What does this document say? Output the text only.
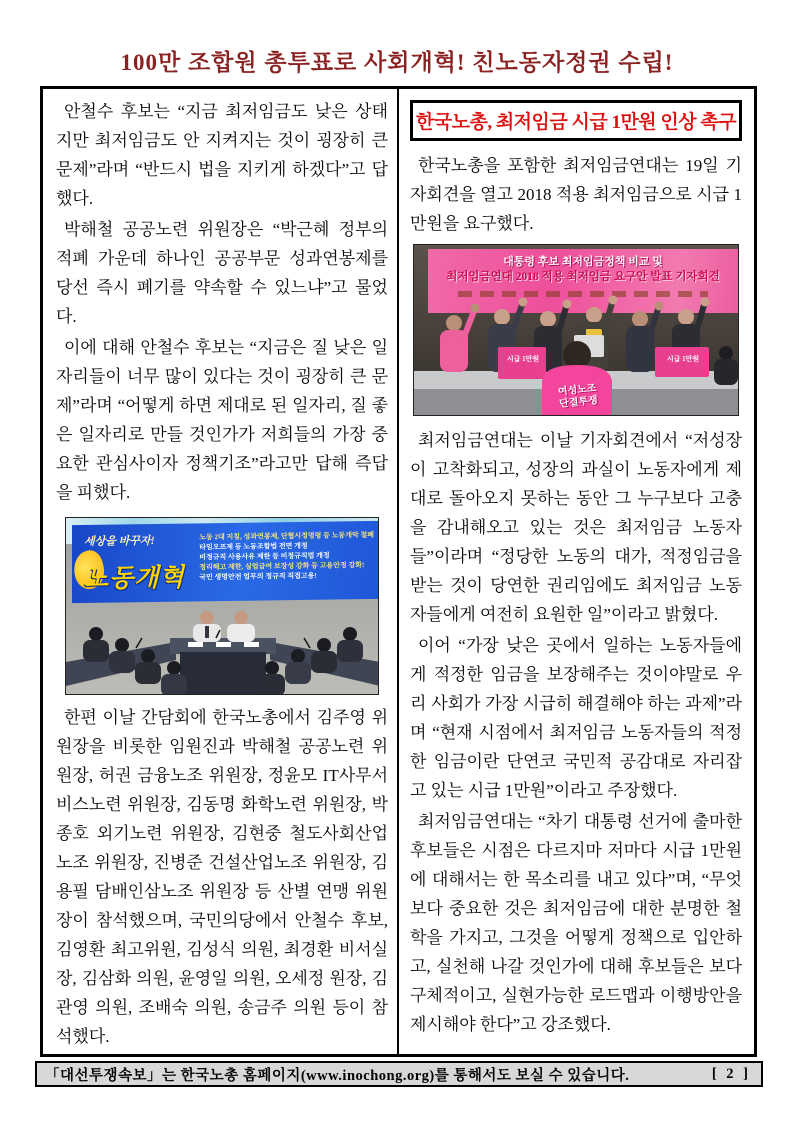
100만 조합원 총투표로 사회개혁! 친노동자정권 수립!

안철수 후보는 “지금 최저임금도 낮은 상태지만 최저임금도 안 지켜지는 것이 굉장히 큰 문제”라며 “반드시 법을 지키게 하겠다”고 답했다.

박해철 공공노련 위원장은 “박근혜 정부의 적폐 가운데 하나인 공공부문 성과연봉제를 당선 즉시 폐기를 약속할 수 있느냐”고 물었다.

이에 대해 안철수 후보는 “지금은 질 낮은 일자리들이 너무 많이 있다는 것이 굉장히 큰 문제”라며 “어떻게 하면 제대로 된 일자리, 질 좋은 일자리로 만들 것인가가 저희들의 가장 중요한 관심사이자 정책기조”라고만 답해 즉답을 피했다.

세상을 바꾸자!
노동개혁
노동 2대 지침, 성과연봉제, 단협시정명령 등 노동개악 철폐
타임오프제 등 노동조합법 전면 개정
비정규직 사용사유 제한 등 비정규직법 개정
정리해고 제한, 실업급여 보장성 강화 등 고용안정 강화!
국민 생명안전 업무의 정규직 직접고용!

한편 이날 간담회에 한국노총에서 김주영 위원장을 비롯한 임원진과 박해철 공공노련 위원장, 허권 금융노조 위원장, 정윤모 IT사무서비스노련 위원장, 김동명 화학노련 위원장, 박종호 외기노련 위원장, 김현중 철도사회산업노조 위원장, 진병준 건설산업노조 위원장, 김용필 담배인삼노조 위원장 등 산별 연맹 위원장이 참석했으며, 국민의당에서 안철수 후보, 김영환 최고위원, 김성식 의원, 최경환 비서실장, 김삼화 의원, 윤영일 의원, 오세정 원장, 김관영 의원, 조배숙 의원, 송금주 의원 등이 참석했다.

한국노총, 최저임금 시급 1만원 인상 촉구

한국노총을 포함한 최저임금연대는 19일 기자회견을 열고 2018 적용 최저임금으로 시급 1만원을 요구했다.

대통령 후보 최저임금정책 비교 및
최저임금연대 2018 적용 최저임금 요구안 발표 기자회견
시급 1만원	시급 1만원
여성노조
단결투쟁

최저임금연대는 이날 기자회견에서 “저성장이 고착화되고, 성장의 과실이 노동자에게 제대로 돌아오지 못하는 동안 그 누구보다 고충을 감내해오고 있는 것은 최저임금 노동자들”이라며 “정당한 노동의 대가, 적정임금을 받는 것이 당연한 권리임에도 최저임금 노동자들에게 여전히 요원한 일”이라고 밝혔다.

이어 “가장 낮은 곳에서 일하는 노동자들에게 적정한 임금을 보장해주는 것이야말로 우리 사회가 가장 시급히 해결해야 하는 과제”라며 “현재 시점에서 최저임금 노동자들의 적정한 임금이란 단연코 국민적 공감대로 자리잡고 있는 시급 1만원”이라고 주장했다.

최저임금연대는 “차기 대통령 선거에 출마한 후보들은 시점은 다르지마 저마다 시급 1만원에 대해서는 한 목소리를 내고 있다”며, “무엇보다 중요한 것은 최저임금에 대한 분명한 철학을 가지고, 그것을 어떻게 정책으로 입안하고, 실천해 나갈 것인가에 대해 후보들은 보다 구체적이고, 실현가능한 로드맵과 이행방안을 제시해야 한다”고 강조했다.

「대선투쟁속보」는 한국노총 홈페이지(www.inochong.org)를 통해서도 보실 수 있습니다.	[ 2 ]
